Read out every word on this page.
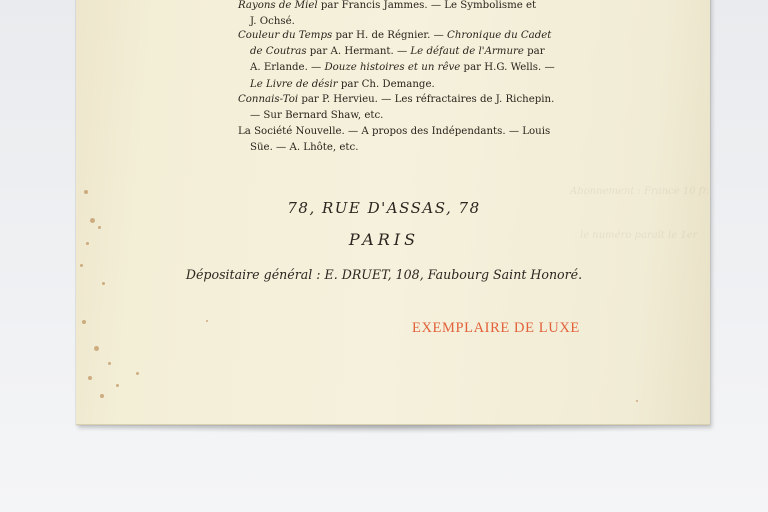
Abonnement : France 10 fr.
le numéro paraît le 1er
Rayons de Miel par Francis Jammes. — Le Symbolisme et
J. Ochsé.
Couleur du Temps par H. de Régnier. — Chronique du Cadet
de Coutras par A. Hermant. — Le défaut de l'Armure par
A. Erlande. — Douze histoires et un rêve par H.G. Wells. —
Le Livre de désir par Ch. Demange.
Connais-Toi par P. Hervieu. — Les réfractaires de J. Richepin.
— Sur Bernard Shaw, etc.
La Société Nouvelle. — A propos des Indépendants. — Louis
Süe. — A. Lhôte, etc.
78, RUE D'ASSAS, 78
PARIS
Dépositaire général : E. DRUET, 108, Faubourg Saint Honoré.
EXEMPLAIRE DE LUXE
